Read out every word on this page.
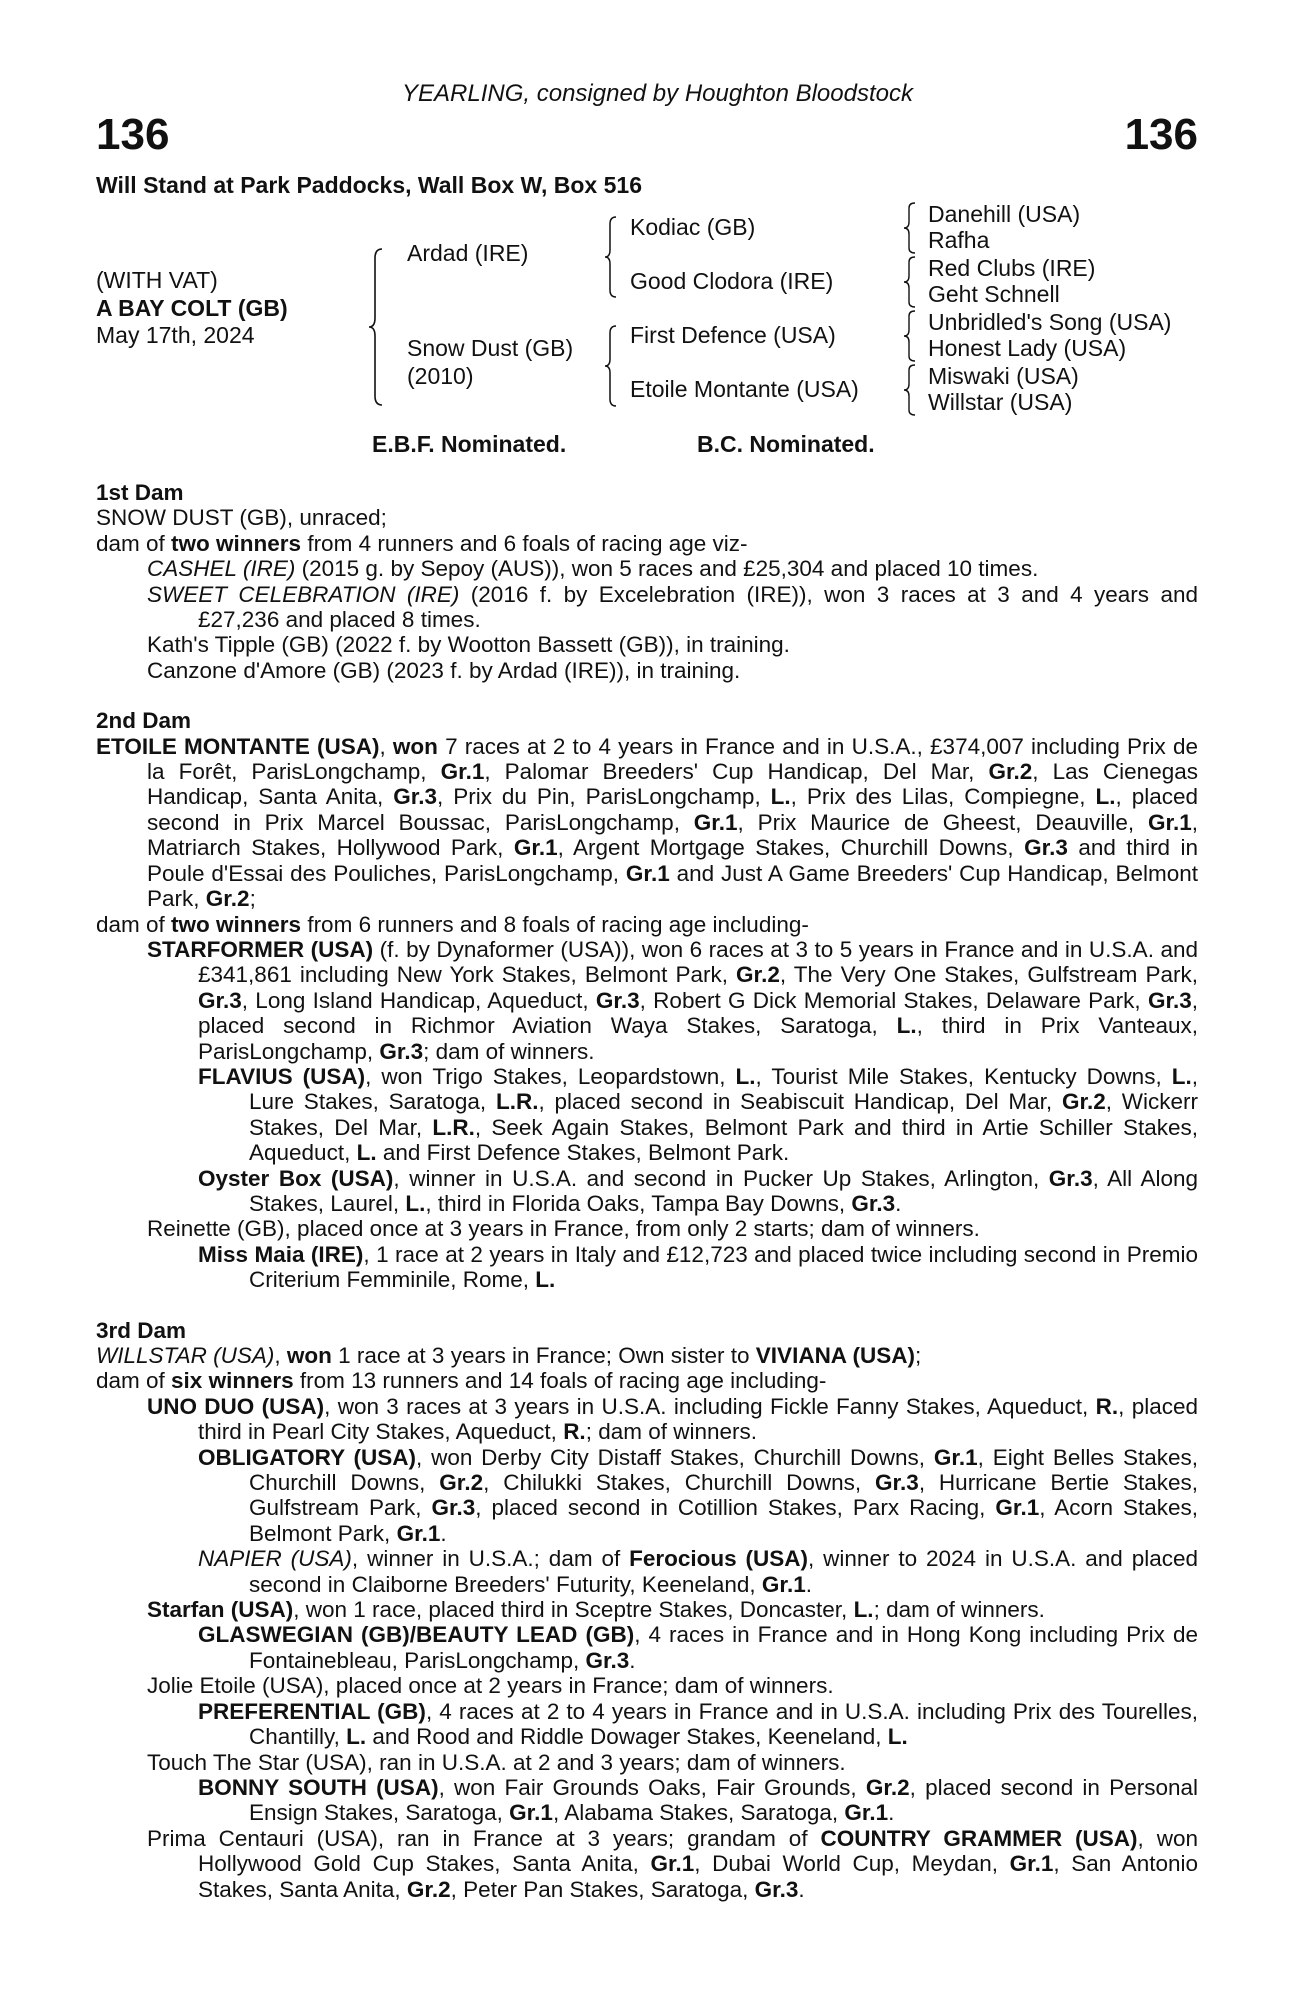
YEARLING, consigned by Houghton Bloodstock
136	136
Will Stand at Park Paddocks, Wall Box W, Box 516
(WITH VAT)
A BAY COLT (GB)
May 17th, 2024
Ardad (IRE)
Snow Dust (GB)
(2010)
Kodiac (GB)
Good Clodora (IRE)
First Defence (USA)
Etoile Montante (USA)
Danehill (USA)
Rafha
Red Clubs (IRE)
Geht Schnell
Unbridled's Song (USA)
Honest Lady (USA)
Miswaki (USA)
Willstar (USA)
E.B.F. Nominated.	B.C. Nominated.
1st Dam

SNOW DUST (GB), unraced;

dam of two winners from 4 runners and 6 foals of racing age viz-

CASHEL (IRE) (2015 g. by Sepoy (AUS)), won 5 races and £25,304 and placed 10 times.

SWEET CELEBRATION (IRE) (2016 f. by Excelebration (IRE)), won 3 races at 3 and 4 years and £27,236 and placed 8 times.

Kath's Tipple (GB) (2022 f. by Wootton Bassett (GB)), in training.

Canzone d'Amore (GB) (2023 f. by Ardad (IRE)), in training.

2nd Dam

ETOILE MONTANTE (USA), won 7 races at 2 to 4 years in France and in U.S.A., £374,007 including Prix de la Forêt, ParisLongchamp, Gr.1, Palomar Breeders' Cup Handicap, Del Mar, Gr.2, Las Cienegas Handicap, Santa Anita, Gr.3, Prix du Pin, ParisLongchamp, L., Prix des Lilas, Compiegne, L., placed second in Prix Marcel Boussac, ParisLongchamp, Gr.1, Prix Maurice de Gheest, Deauville, Gr.1, Matriarch Stakes, Hollywood Park, Gr.1, Argent Mortgage Stakes, Churchill Downs, Gr.3 and third in Poule d'Essai des Pouliches, ParisLongchamp, Gr.1 and Just A Game Breeders' Cup Handicap, Belmont Park, Gr.2;

dam of two winners from 6 runners and 8 foals of racing age including-

STARFORMER (USA) (f. by Dynaformer (USA)), won 6 races at 3 to 5 years in France and in U.S.A. and £341,861 including New York Stakes, Belmont Park, Gr.2, The Very One Stakes, Gulfstream Park, Gr.3, Long Island Handicap, Aqueduct, Gr.3, Robert G Dick Memorial Stakes, Delaware Park, Gr.3, placed second in Richmor Aviation Waya Stakes, Saratoga, L., third in Prix Vanteaux, ParisLongchamp, Gr.3; dam of winners.

FLAVIUS (USA), won Trigo Stakes, Leopardstown, L., Tourist Mile Stakes, Kentucky Downs, L., Lure Stakes, Saratoga, L.R., placed second in Seabiscuit Handicap, Del Mar, Gr.2, Wickerr Stakes, Del Mar, L.R., Seek Again Stakes, Belmont Park and third in Artie Schiller Stakes, Aqueduct, L. and First Defence Stakes, Belmont Park.

Oyster Box (USA), winner in U.S.A. and second in Pucker Up Stakes, Arlington, Gr.3, All Along Stakes, Laurel, L., third in Florida Oaks, Tampa Bay Downs, Gr.3.

Reinette (GB), placed once at 3 years in France, from only 2 starts; dam of winners.

Miss Maia (IRE), 1 race at 2 years in Italy and £12,723 and placed twice including second in Premio Criterium Femminile, Rome, L.

3rd Dam

WILLSTAR (USA), won 1 race at 3 years in France; Own sister to VIVIANA (USA);

dam of six winners from 13 runners and 14 foals of racing age including-

UNO DUO (USA), won 3 races at 3 years in U.S.A. including Fickle Fanny Stakes, Aqueduct, R., placed third in Pearl City Stakes, Aqueduct, R.; dam of winners.

OBLIGATORY (USA), won Derby City Distaff Stakes, Churchill Downs, Gr.1, Eight Belles Stakes, Churchill Downs, Gr.2, Chilukki Stakes, Churchill Downs, Gr.3, Hurricane Bertie Stakes, Gulfstream Park, Gr.3, placed second in Cotillion Stakes, Parx Racing, Gr.1, Acorn Stakes, Belmont Park, Gr.1.

NAPIER (USA), winner in U.S.A.; dam of Ferocious (USA), winner to 2024 in U.S.A. and placed second in Claiborne Breeders' Futurity, Keeneland, Gr.1.

Starfan (USA), won 1 race, placed third in Sceptre Stakes, Doncaster, L.; dam of winners.

GLASWEGIAN (GB)/BEAUTY LEAD (GB), 4 races in France and in Hong Kong including Prix de Fontainebleau, ParisLongchamp, Gr.3.

Jolie Etoile (USA), placed once at 2 years in France; dam of winners.

PREFERENTIAL (GB), 4 races at 2 to 4 years in France and in U.S.A. including Prix des Tourelles, Chantilly, L. and Rood and Riddle Dowager Stakes, Keeneland, L.

Touch The Star (USA), ran in U.S.A. at 2 and 3 years; dam of winners.

BONNY SOUTH (USA), won Fair Grounds Oaks, Fair Grounds, Gr.2, placed second in Personal Ensign Stakes, Saratoga, Gr.1, Alabama Stakes, Saratoga, Gr.1.

Prima Centauri (USA), ran in France at 3 years; grandam of COUNTRY GRAMMER (USA), won Hollywood Gold Cup Stakes, Santa Anita, Gr.1, Dubai World Cup, Meydan, Gr.1, San Antonio Stakes, Santa Anita, Gr.2, Peter Pan Stakes, Saratoga, Gr.3.
